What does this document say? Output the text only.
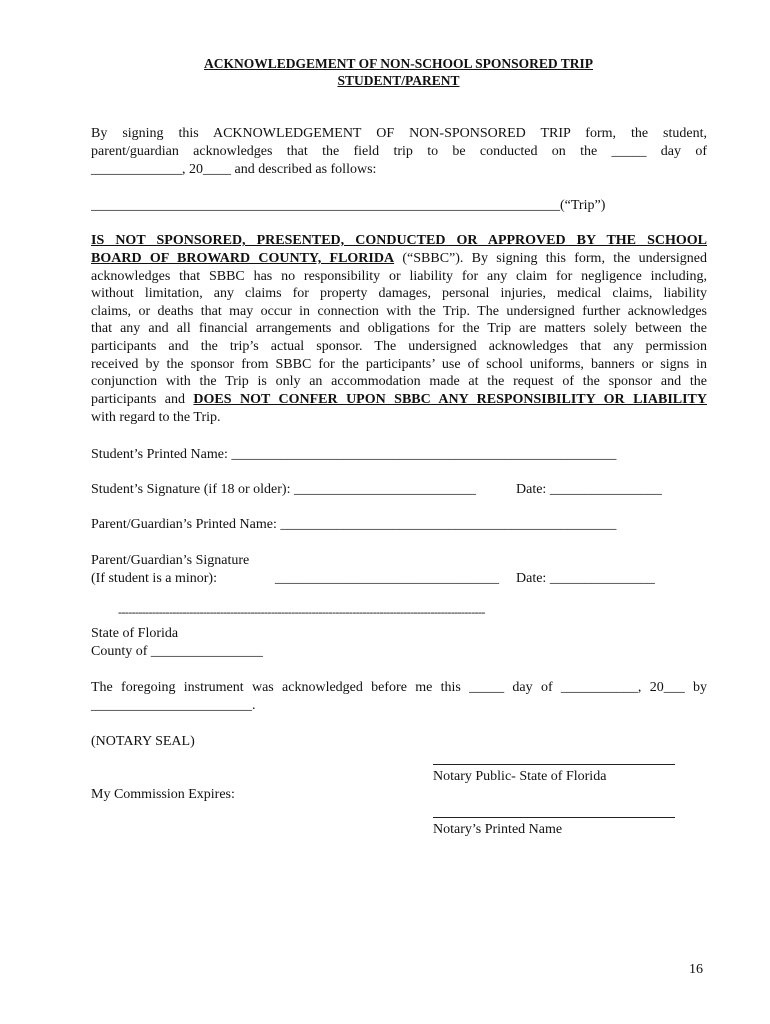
ACKNOWLEDGEMENT OF NON-SCHOOL SPONSORED TRIP
STUDENT/PARENT
By signing this ACKNOWLEDGEMENT OF NON-SPONSORED TRIP form, the student,
parent/guardian acknowledges that the field trip to be conducted on the _____ day of
_____________, 20____ and described as follows:
___________________________________________________________________(“Trip”)
IS NOT SPONSORED, PRESENTED, CONDUCTED OR APPROVED BY THE SCHOOL
BOARD OF BROWARD COUNTY, FLORIDA (“SBBC”). By signing this form, the undersigned
acknowledges that SBBC has no responsibility or liability for any claim for negligence including,
without limitation, any claims for property damages, personal injuries, medical claims, liability
claims, or deaths that may occur in connection with the Trip. The undersigned further acknowledges
that any and all financial arrangements and obligations for the Trip are matters solely between the
participants and the trip’s actual sponsor. The undersigned acknowledges that any permission
received by the sponsor from SBBC for the participants’ use of school uniforms, banners or signs in
conjunction with the Trip is only an accommodation made at the request of the sponsor and the
participants and DOES NOT CONFER UPON SBBC ANY RESPONSIBILITY OR LIABILITY
with regard to the Trip.
Student’s Printed Name: _______________________________________________________
Student’s Signature (if 18 or older): __________________________	Date: ________________
Parent/Guardian’s Printed Name: ________________________________________________
Parent/Guardian’s Signature
(If student is a minor):	________________________________ Date: _______________
------------------------------------------------------------------------------------------------------------
State of Florida
County of ________________
The foregoing instrument was acknowledged before me this _____ day of ___________, 20___ by
_______________________.
(NOTARY SEAL)
Notary Public- State of Florida
My Commission Expires:
Notary’s Printed Name
16
